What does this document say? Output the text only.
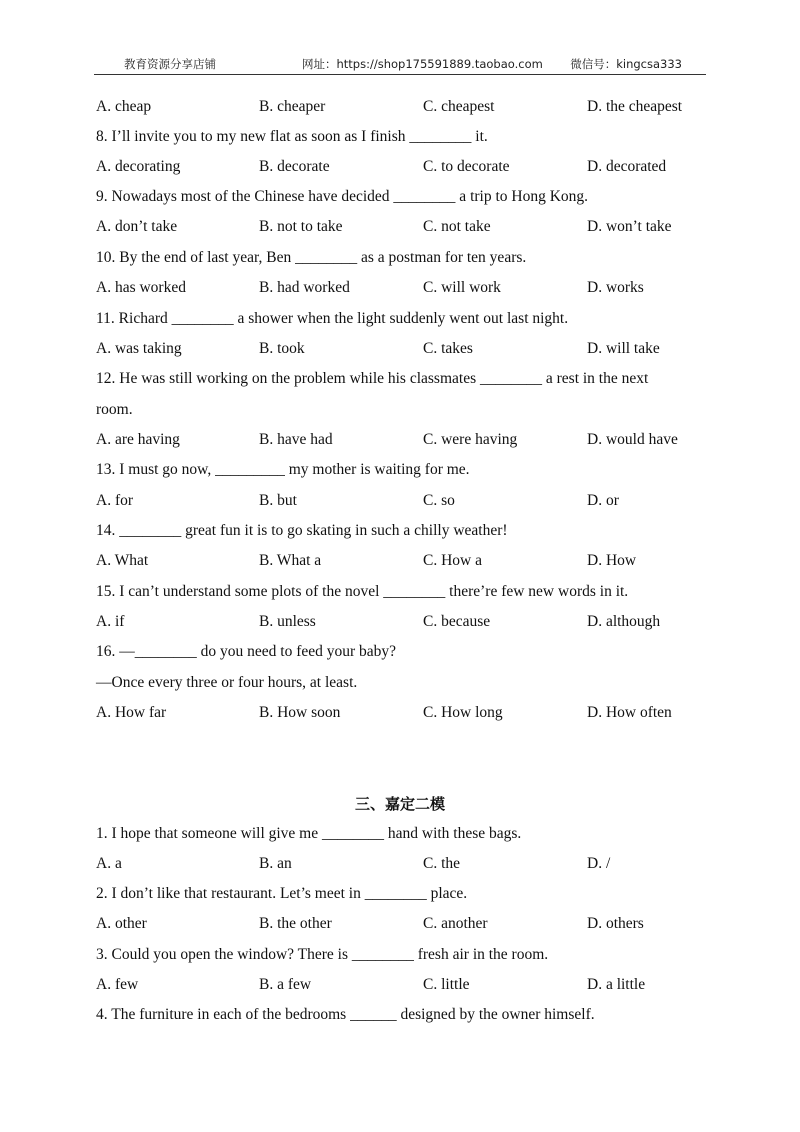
教育资源分享店铺	网址：https://shop175591889.taobao.com 微信号：kingcsa333
A. cheap	B. cheaper	C. cheapest	D. the cheapest
8. I’ll invite you to my new flat as soon as I finish ________ it.
A. decorating	B. decorate	C. to decorate	D. decorated
9. Nowadays most of the Chinese have decided ________ a trip to Hong Kong.
A. don’t take	B. not to take	C. not take	D. won’t take
10. By the end of last year, Ben ________ as a postman for ten years.
A. has worked	B. had worked	C. will work	D. works
11. Richard ________ a shower when the light suddenly went out last night.
A. was taking	B. took	C. takes	D. will take
12. He was still working on the problem while his classmates ________ a rest in the next
room.
A. are having	B. have had	C. were having	D. would have
13. I must go now, _________ my mother is waiting for me.
A. for	B. but	C. so	D. or
14. ________ great fun it is to go skating in such a chilly weather!
A. What	B. What a	C. How a	D. How
15. I can’t understand some plots of the novel ________ there’re few new words in it.
A. if	B. unless	C. because	D. although
16. —________ do you need to feed your baby?
—Once every three or four hours, at least.
A. How far	B. How soon	C. How long	D. How often
三、嘉定二模
1. I hope that someone will give me ________ hand with these bags.
A. a	B. an	C. the	D. /
2. I don’t like that restaurant. Let’s meet in ________ place.
A. other	B. the other	C. another	D. others
3. Could you open the window? There is ________ fresh air in the room.
A. few	B. a few	C. little	D. a little
4. The furniture in each of the bedrooms ______ designed by the owner himself.
